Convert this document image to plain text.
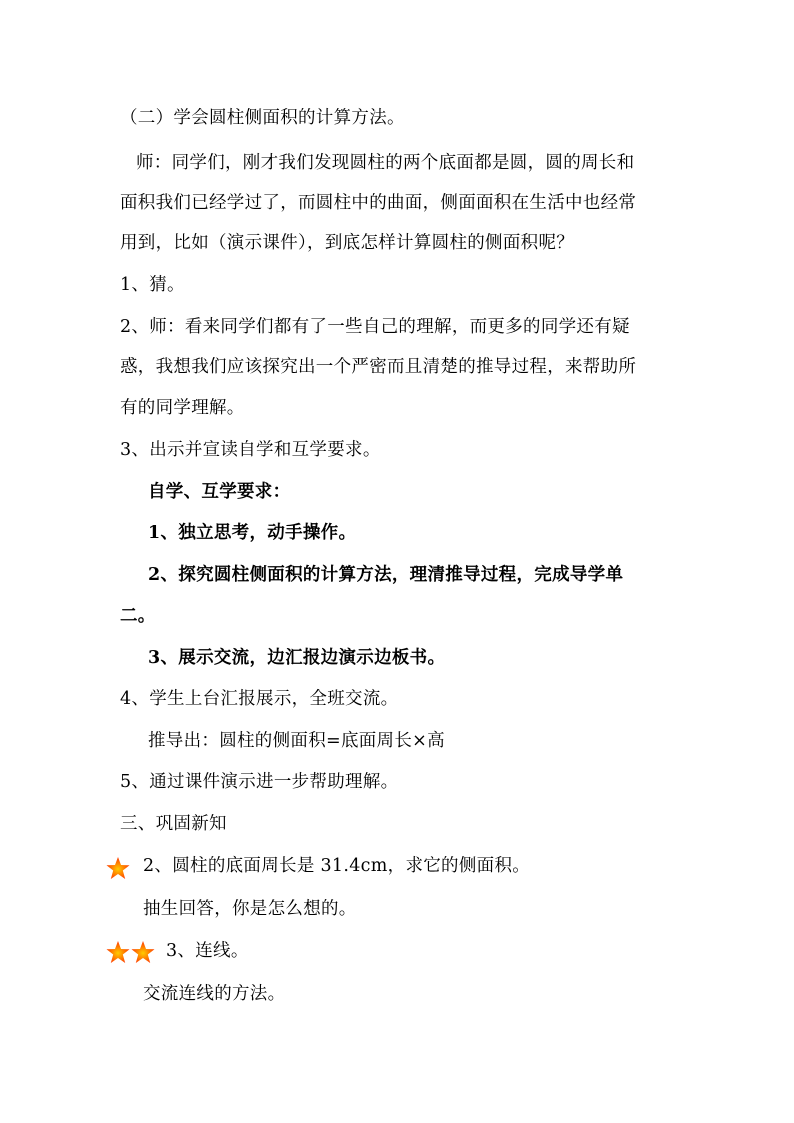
（二）学会圆柱侧面积的计算方法。
师：同学们，刚才我们发现圆柱的两个底面都是圆，圆的周长和
面积我们已经学过了，而圆柱中的曲面，侧面面积在生活中也经常
用到，比如（演示课件），到底怎样计算圆柱的侧面积呢？
1、猜。
2、师：看来同学们都有了一些自己的理解，而更多的同学还有疑
惑，我想我们应该探究出一个严密而且清楚的推导过程，来帮助所
有的同学理解。
3、出示并宣读自学和互学要求。
自学、互学要求：
1、独立思考，动手操作。
2、探究圆柱侧面积的计算方法，理清推导过程，完成导学单
二。
3、展示交流，边汇报边演示边板书。
4、学生上台汇报展示，全班交流。
推导出：圆柱的侧面积=底面周长×高
5、通过课件演示进一步帮助理解。
三、巩固新知
2、圆柱的底面周长是 31.4cm，求它的侧面积。
抽生回答，你是怎么想的。
3、连线。
交流连线的方法。
